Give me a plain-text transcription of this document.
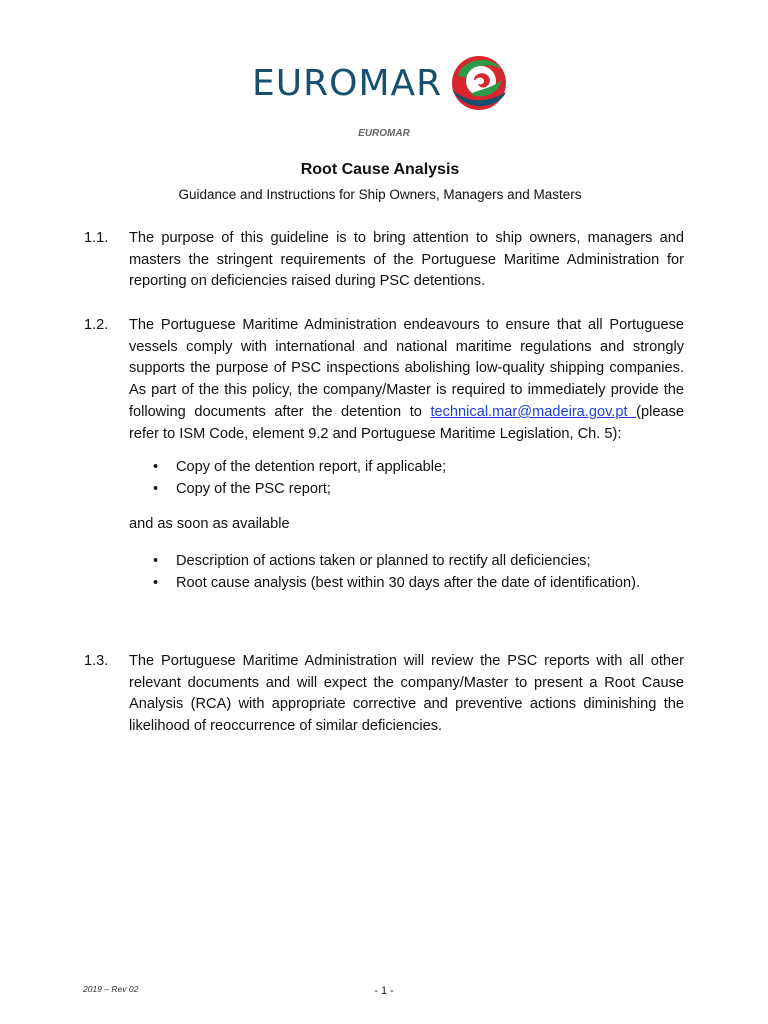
EUROMAR
EUROMAR
Root Cause Analysis
Guidance and Instructions for Ship Owners, Managers and Masters
1.1.	The purpose of this guideline is to bring attention to ship owners, managers and masters the stringent requirements of the Portuguese Maritime Administration for reporting on deficiencies raised during PSC detentions.
1.2.	The Portuguese Maritime Administration endeavours to ensure that all Portuguese vessels comply with international and national maritime regulations and strongly supports the purpose of PSC inspections abolishing low-quality shipping companies. As part of the this policy, the company/Master is required to immediately provide the following documents after the detention to technical.mar@madeira.gov.pt (please refer to ISM Code, element 9.2 and Portuguese Maritime Legislation, Ch. 5):
• Copy of the detention report, if applicable;
• Copy of the PSC report;
and as soon as available
• Description of actions taken or planned to rectify all deficiencies;
• Root cause analysis (best within 30 days after the date of identification).
1.3.	The Portuguese Maritime Administration will review the PSC reports with all other relevant documents and will expect the company/Master to present a Root Cause Analysis (RCA) with appropriate corrective and preventive actions diminishing the likelihood of reoccurrence of similar deficiencies.
2019 – Rev 02	- 1 -
